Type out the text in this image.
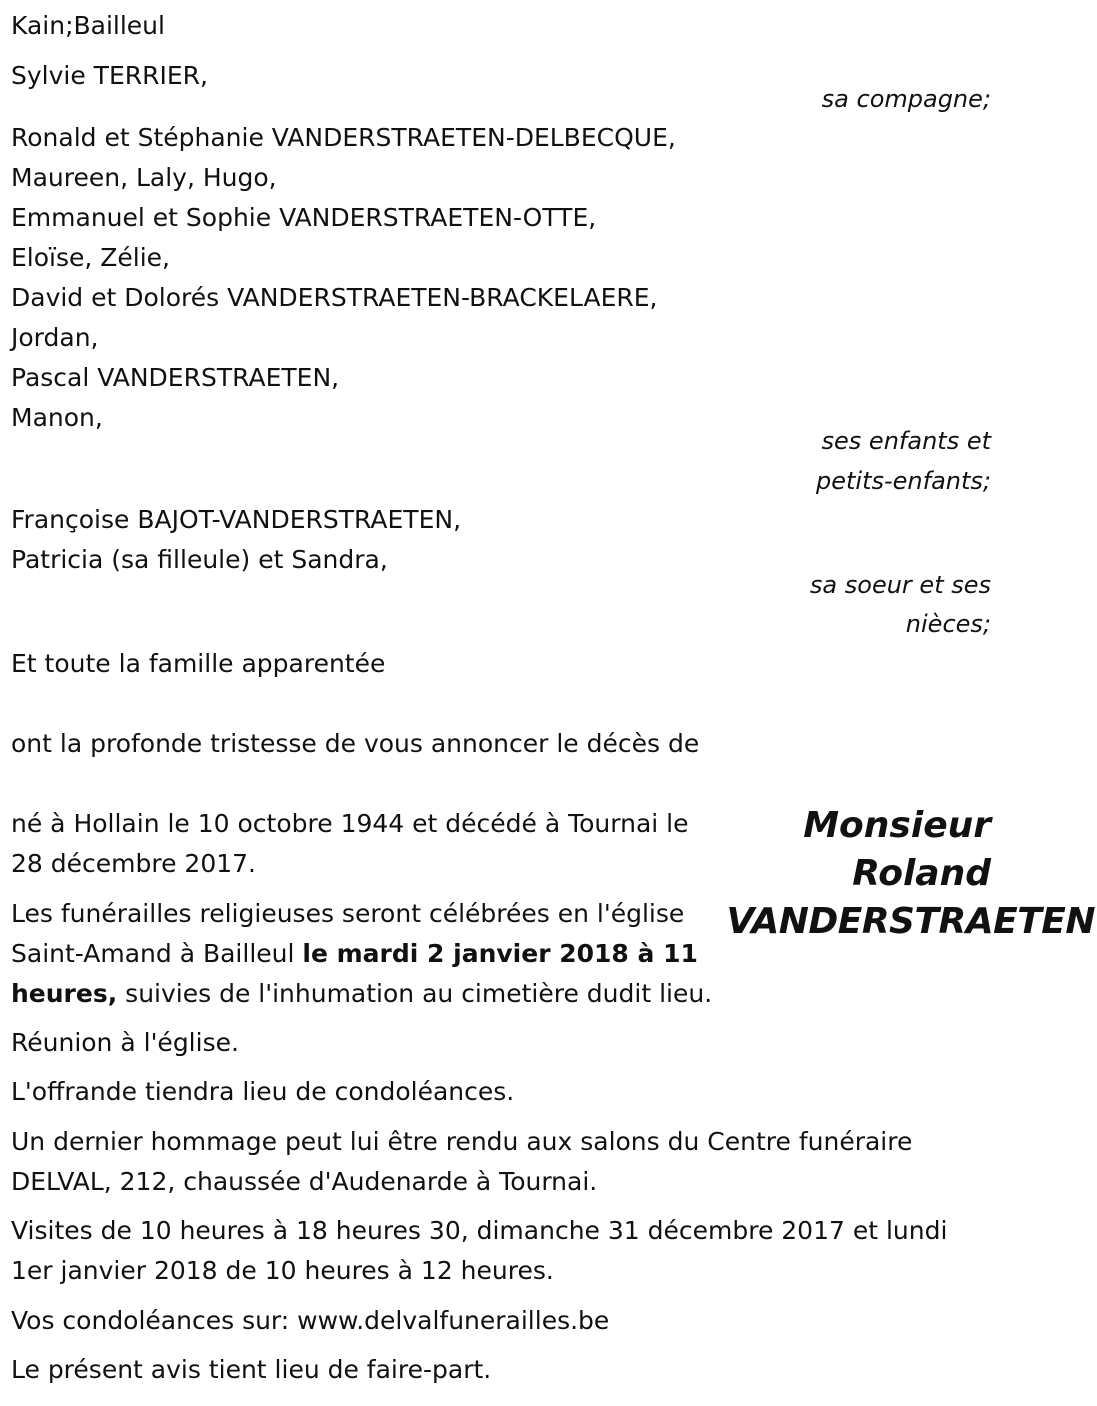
Kain;Bailleul

Sylvie TERRIER,

sa compagne;

Ronald et Stéphanie VANDERSTRAETEN-DELBECQUE,

Maureen, Laly, Hugo,

Emmanuel et Sophie VANDERSTRAETEN-OTTE,

Eloïse, Zélie,

David et Dolorés VANDERSTRAETEN-BRACKELAERE,

Jordan,

Pascal VANDERSTRAETEN,

Manon,

ses enfants et

petits-enfants;

Françoise BAJOT-VANDERSTRAETEN,

Patricia (sa filleule) et Sandra,

sa soeur et ses

nièces;

Et toute la famille apparentée

ont la profonde tristesse de vous annoncer le décès de

Monsieur
Roland
VANDERSTRAETEN

né à Hollain le 10 octobre 1944 et décédé à Tournai le

28 décembre 2017.

Les funérailles religieuses seront célébrées en l'église

Saint-Amand à Bailleul le mardi 2 janvier 2018 à 11

heures, suivies de l'inhumation au cimetière dudit lieu.

Réunion à l'église.

L'offrande tiendra lieu de condoléances.

Un dernier hommage peut lui être rendu aux salons du Centre funéraire

DELVAL, 212, chaussée d'Audenarde à Tournai.

Visites de 10 heures à 18 heures 30, dimanche 31 décembre 2017 et lundi

1er janvier 2018 de 10 heures à 12 heures.

Vos condoléances sur: www.delvalfunerailles.be

Le présent avis tient lieu de faire-part.
